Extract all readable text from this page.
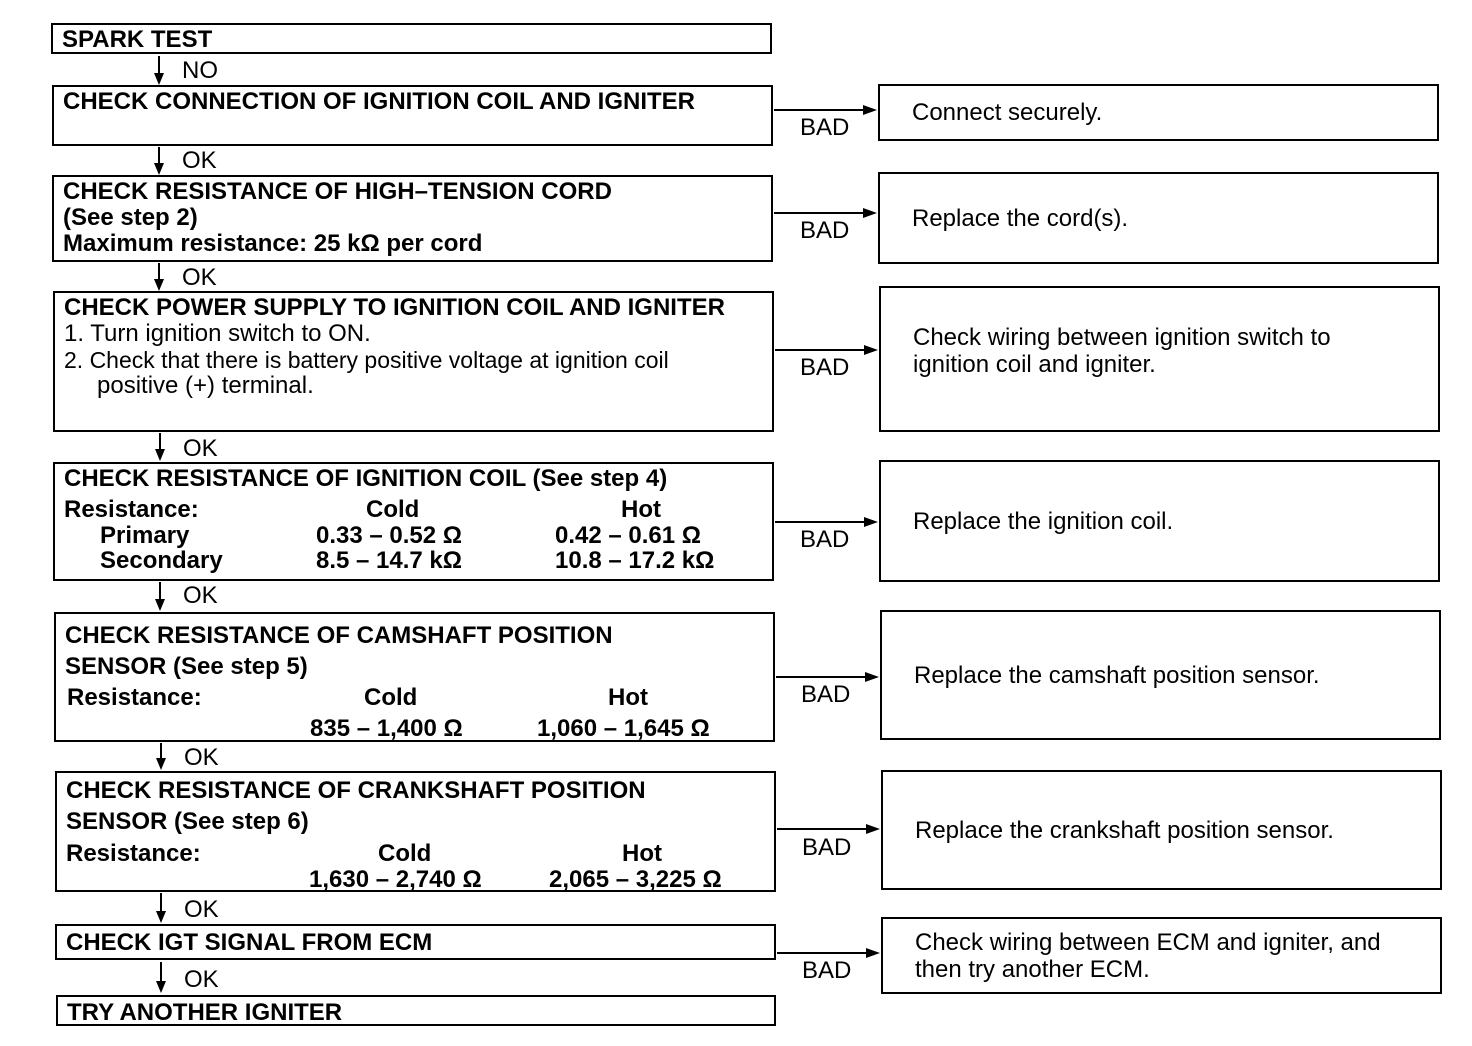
SPARK TEST
CHECK CONNECTION OF IGNITION COIL AND IGNITER
CHECK RESISTANCE OF HIGH–TENSION CORD
(See step 2)
Maximum resistance: 25 kΩ per cord
CHECK POWER SUPPLY TO IGNITION COIL AND IGNITER
1. Turn ignition switch to ON.
2. Check that there is battery positive voltage at ignition coil
positive (+) terminal.
CHECK RESISTANCE OF IGNITION COIL (See step 4)
Resistance:	Cold	Hot
Primary	0.33 – 0.52 Ω	0.42 – 0.61 Ω
Secondary	8.5 – 14.7 kΩ	10.8 – 17.2 kΩ
CHECK RESISTANCE OF CAMSHAFT POSITION
SENSOR (See step 5)
Resistance:	Cold	Hot
835 – 1,400 Ω	1,060 – 1,645 Ω
CHECK RESISTANCE OF CRANKSHAFT POSITION
SENSOR (See step 6)
Resistance:	Cold	Hot
1,630 – 2,740 Ω	2,065 – 3,225 Ω
CHECK IGT SIGNAL FROM ECM
TRY ANOTHER IGNITER
Connect securely.
Replace the cord(s).
Check wiring between ignition switch to ignition coil and igniter.
Replace the ignition coil.
Replace the camshaft position sensor.
Replace the crankshaft position sensor.
Check wiring between ECM and igniter, and then try another ECM.
NO
OK
OK
OK
OK
OK
OK
OK
BAD
BAD
BAD
BAD
BAD
BAD
BAD
